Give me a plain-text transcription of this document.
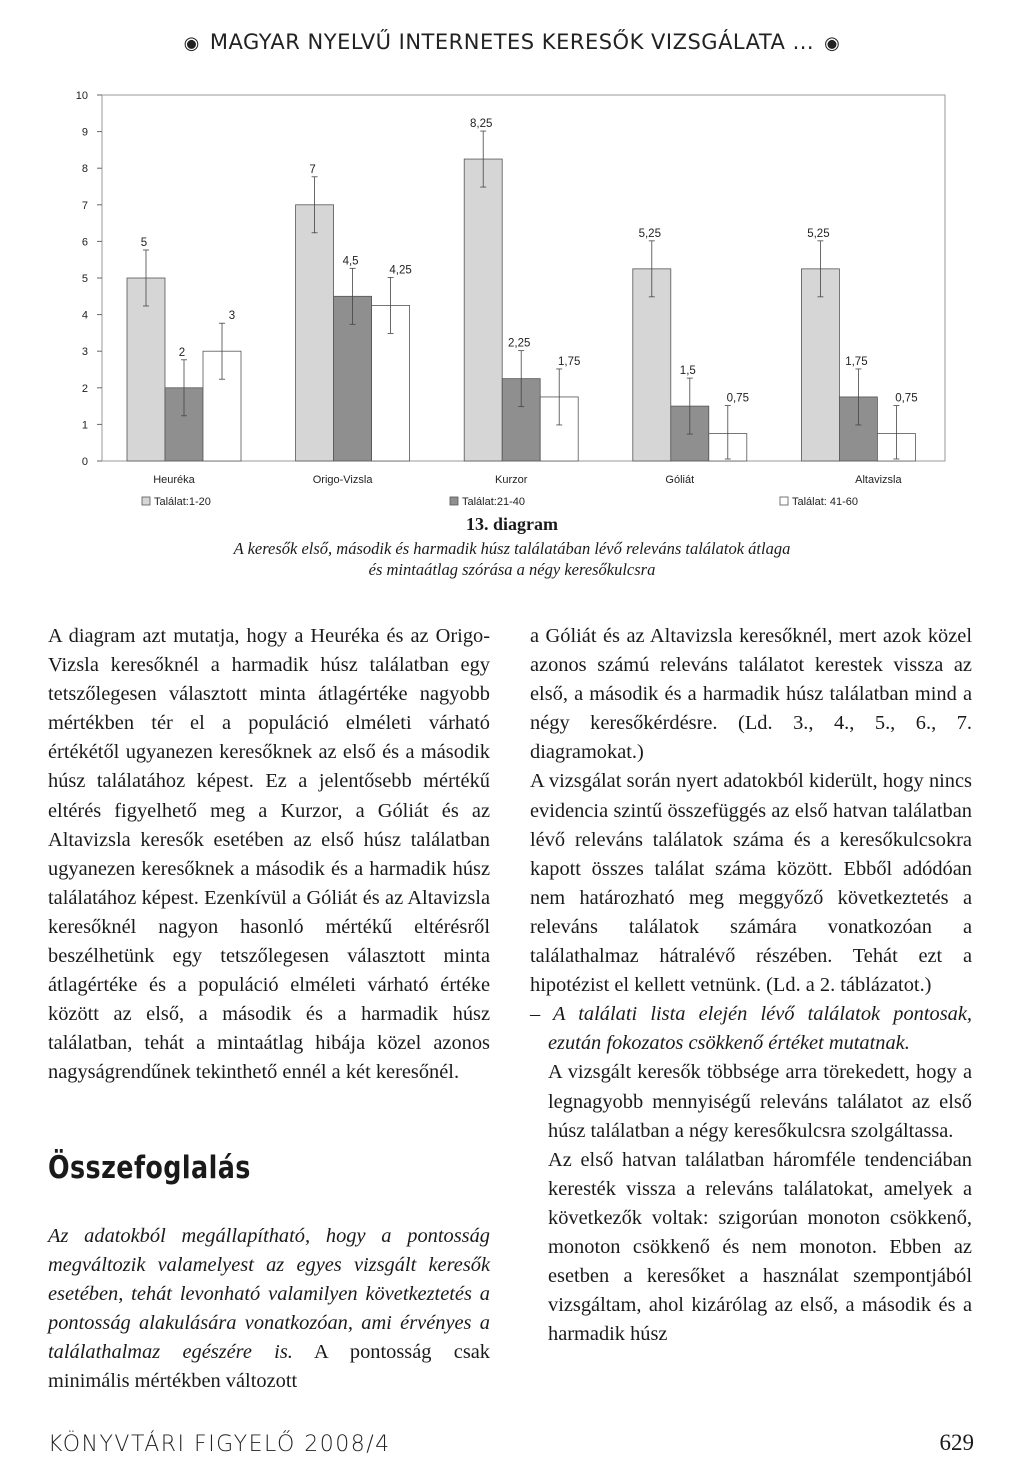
◉ MAGYAR NYELVŰ INTERNETES KERESŐK VIZSGÁLATA ... ◉
0
1
2
3
4
5
6
7
8
9
10
5
2
3
Heuréka
7
4,5
4,25
Origo-Vizsla
8,25
2,25
1,75
Kurzor
5,25
1,5
0,75
Góliát
5,25
1,75
0,75
Altavizsla
Találat:1-20	Találat:21-40	Találat: 41-60
13. diagram
A keresők első, második és harmadik húsz találatában lévő releváns találatok átlaga
és mintaátlag szórása a négy keresőkulcsra

A diagram azt mutatja, hogy a Heuréka és az Origo-Vizsla keresőknél a harmadik húsz találatban egy tetszőlegesen választott minta átlagértéke nagyobb mértékben tér el a populáció elméleti várható értékétől ugyanezen keresőknek az első és a második húsz találatához képest. Ez a jelentősebb mértékű eltérés figyelhető meg a Kurzor, a Góliát és az Altavizsla keresők esetében az első húsz találatban ugyanezen keresőknek a második és a harmadik húsz találatához képest. Ezenkívül a Góliát és az Altavizsla keresőknél nagyon hasonló mértékű eltérésről beszélhetünk egy tetszőlegesen választott minta átlagértéke és a populáció elméleti várható értéke között az első, a második és a harmadik húsz találatban, tehát a mintaátlag hibája közel azonos nagyságrendűnek tekinthető ennél a két keresőnél.

Összefoglalás
Az adatokból megállapítható, hogy a pontosság megváltozik valamelyest az egyes vizsgált keresők esetében, tehát levonható valamilyen következtetés a pontosság alakulására vonatkozóan, ami érvényes a találathalmaz egészére is. A pontosság csak minimális mértékben változott

a Góliát és az Altavizsla keresőknél, mert azok közel azonos számú releváns találatot kerestek vissza az első, a második és a harmadik húsz találatban mind a négy keresőkérdésre. (Ld. 3., 4., 5., 6., 7. diagramokat.)

A vizsgálat során nyert adatokból kiderült, hogy nincs evidencia szintű összefüggés az első hatvan találatban lévő releváns találatok száma és a keresőkulcsokra kapott összes találat száma között. Ebből adódóan nem határozható meg meggyőző következtetés a releváns találatok számára vonatkozóan a találathalmaz hátralévő részében. Tehát ezt a hipotézist el kellett vetnünk. (Ld. a 2. táblázatot.)

– A találati lista elején lévő találatok pontosak, ezután fokozatos csökkenő értéket mutatnak.

A vizsgált keresők többsége arra törekedett, hogy a legnagyobb mennyiségű releváns találatot az első húsz találatban a négy keresőkulcsra szolgáltassa.

Az első hatvan találatban háromféle tendenciában keresték vissza a releváns találatokat, amelyek a következők voltak: szigorúan monoton csökkenő, monoton csökkenő és nem monoton. Ebben az esetben a keresőket a használat szempontjából vizsgáltam, ahol kizárólag az első, a második és a harmadik húsz

KÖNYVTÁRI FIGYELŐ 2008/4	629
